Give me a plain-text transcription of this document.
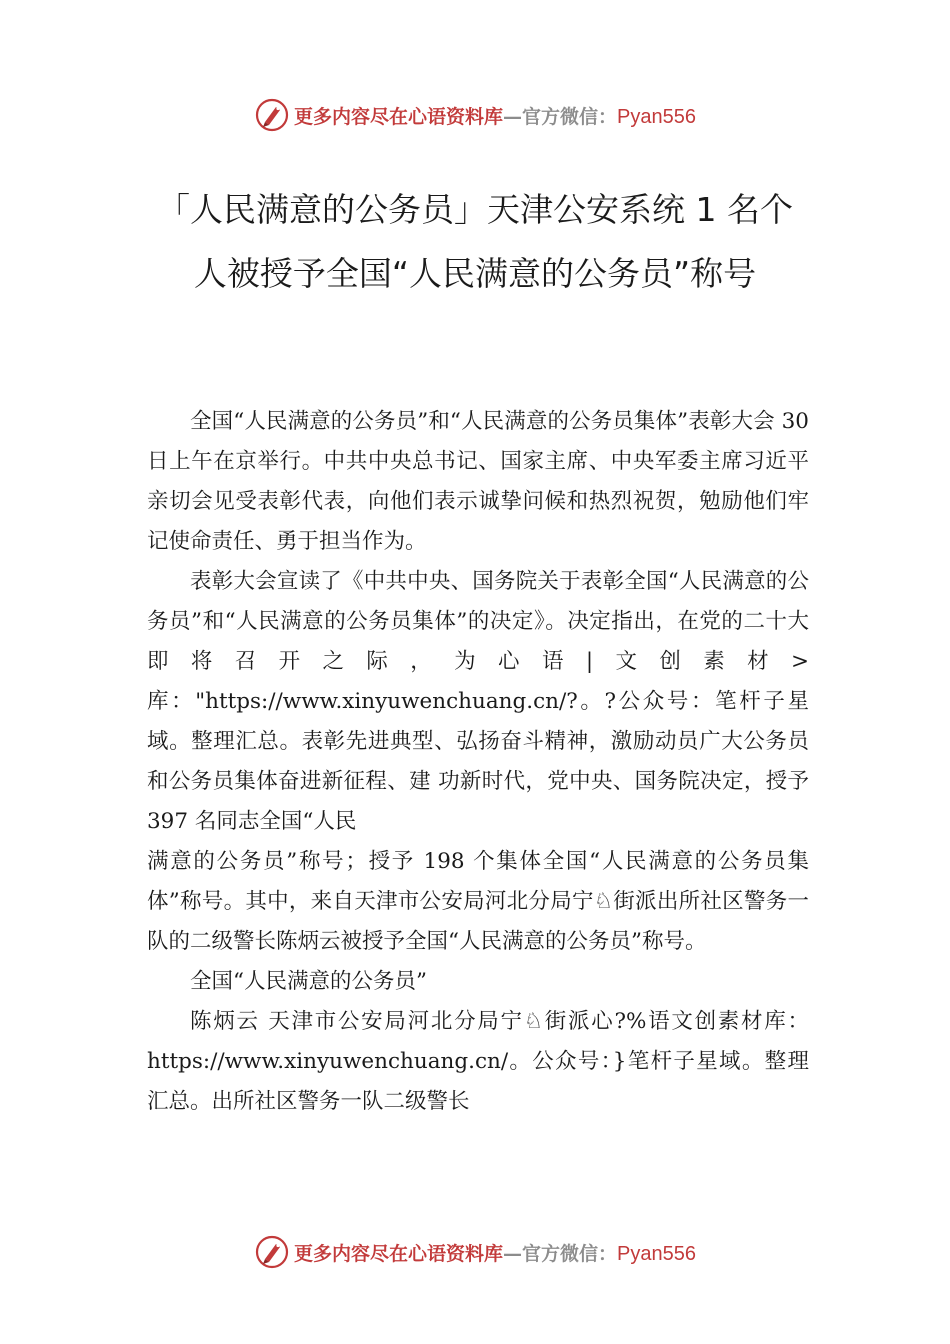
更多内容尽在心语资料库—官方微信：Pyan556
「人民满意的公务员」天津公安系统 1 名个人被授予全国“人民满意的公务员”称号

全国“人民满意的公务员”和“人民满意的公务员集体”表彰大会 30 日上午在京举行。中共中央总书记、国家主席、中央军委主席习近平亲切会见受表彰代表，向他们表示诚挚问候和热烈祝贺，勉励他们牢记使命责任、勇于担当作为。

表彰大会宣读了《中共中央、国务院关于表彰全国“人民满意的公务员”和“人民满意的公务员集体”的决定》。决定指出，在党的二十大即将召开之际，为心语|文创素材>库："https://www.xinyuwenchuang.cn/?。?公众号：笔杆子星域。整理汇总。表彰先进典型、弘扬奋斗精神，激励动员广大公务员和公务员集体奋进新征程、建 功新时代，党中央、国务院决定，授予 397 名同志全国“人民

满意的公务员”称号；授予 198 个集体全国“人民满意的公务员集体”称号。其中，来自天津市公安局河北分局宁♘街派出所社区警务一队的二级警长陈炳云被授予全国“人民满意的公务员”称号。

全国“人民满意的公务员”

陈炳云 天津市公安局河北分局宁♘街派心?%语文创素材库：https://www.xinyuwenchuang.cn/。公众号：}笔杆子星域。整理汇总。出所社区警务一队二级警长

更多内容尽在心语资料库—官方微信：Pyan556
